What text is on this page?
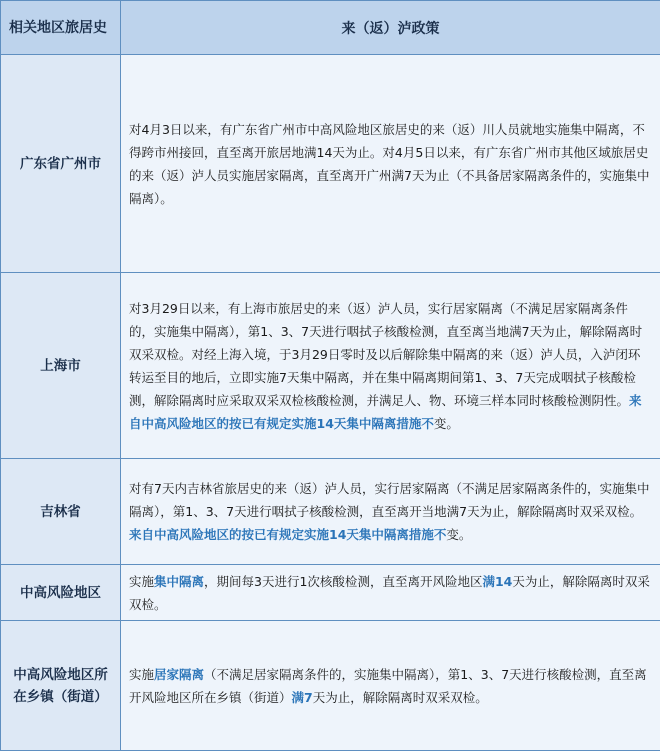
相关地区旅居史	来（返）泸政策
广东省广州市	对4月3日以来，有广东省广州市中高风险地区旅居史的来（返）川人员就地实施集中隔离，不得跨市州接回，直至离开旅居地满14天为止。对4月5日以来，有广东省广州市其他区域旅居史的来（返）泸人员实施居家隔离，直至离开广州满7天为止（不具备居家隔离条件的，实施集中隔离）。
上海市	对3月29日以来，有上海市旅居史的来（返）泸人员，实行居家隔离（不满足居家隔离条件的，实施集中隔离），第1、3、7天进行咽拭子核酸检测，直至离当地满7天为止，解除隔离时双采双检。对经上海入境，于3月29日零时及以后解除集中隔离的来（返）泸人员，入泸闭环转运至目的地后，立即实施7天集中隔离，并在集中隔离期间第1、3、7天完成咽拭子核酸检测，解除隔离时应采取双采双检核酸检测，并满足人、物、环境三样本同时核酸检测阴性。来自中高风险地区的按已有规定实施14天集中隔离措施不变。
吉林省	对有7天内吉林省旅居史的来（返）泸人员，实行居家隔离（不满足居家隔离条件的，实施集中隔离），第1、3、7天进行咽拭子核酸检测，直至离开当地满7天为止，解除隔离时双采双检。来自中高风险地区的按已有规定实施14天集中隔离措施不变。
中高风险地区	实施集中隔离，期间每3天进行1次核酸检测，直至离开风险地区满14天为止，解除隔离时双采双检。
中高风险地区所在乡镇（街道）	实施居家隔离（不满足居家隔离条件的，实施集中隔离），第1、3、7天进行核酸检测，直至离开风险地区所在乡镇（街道）满7天为止，解除隔离时双采双检。
